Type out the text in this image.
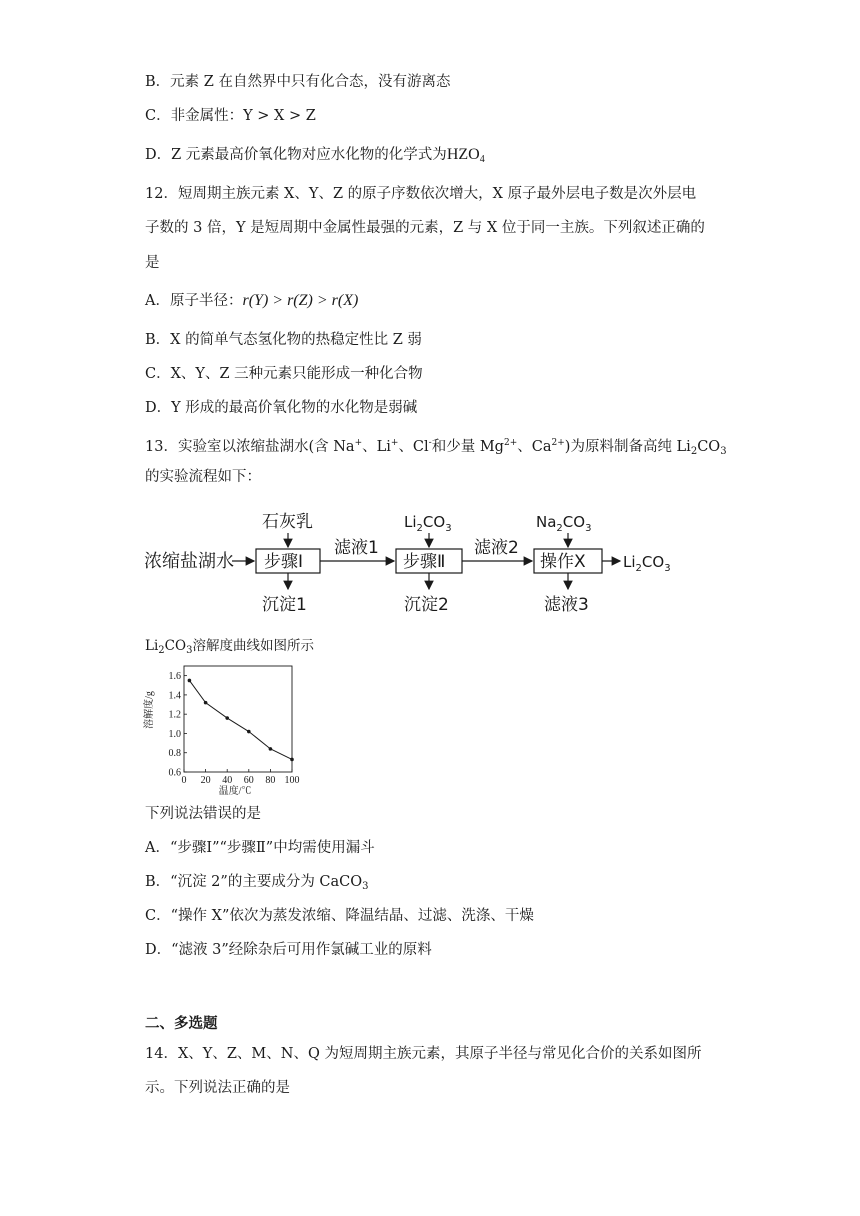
B．元素 Z 在自然界中只有化合态，没有游离态
C．非金属性：Y > X > Z
D．Z 元素最高价氧化物对应水化物的化学式为$HZO_4$
12．短周期主族元素 X、Y、Z 的原子序数依次增大，X 原子最外层电子数是次外层电
子数的 3 倍，Y 是短周期中金属性最强的元素，Z 与 X 位于同一主族。下列叙述正确的
是
A．原子半径：r(Y) > r(Z) > r(X)
B．X 的简单气态氢化物的热稳定性比 Z 弱
C．X、Y、Z 三种元素只能形成一种化合物
D．Y 形成的最高价氧化物的水化物是弱碱
13．实验室以浓缩盐湖水(含 Na+、Li+、Cl-和少量 $Mg^{2+}$、$Ca^{2+}$)为原料制备高纯 $Li_2CO_3$
的实验流程如下：
浓缩盐湖水 步骤Ⅰ
石灰乳
沉淀1
滤液1
步骤Ⅱ
$Li_2CO_3$
沉淀2
滤液2
操作X
$Na_2CO_3$
滤液3
$Li_2CO_3$
$Li_2CO_3$溶解度曲线如图所示
0.6
0.8
1.0
1.2
1.4
1.6
0 20 40 60 80 100
温度/℃
溶解度/g
下列说法错误的是
A．“步骤Ⅰ”“步骤Ⅱ”中均需使用漏斗
B．“沉淀 2”的主要成分为 CaCO$_3$
C．“操作 X”依次为蒸发浓缩、降温结晶、过滤、洗涤、干燥
D．“滤液 3”经除杂后可用作氯碱工业的原料
二、多选题
14．X、Y、Z、M、N、Q 为短周期主族元素，其原子半径与常见化合价的关系如图所
示。下列说法正确的是
